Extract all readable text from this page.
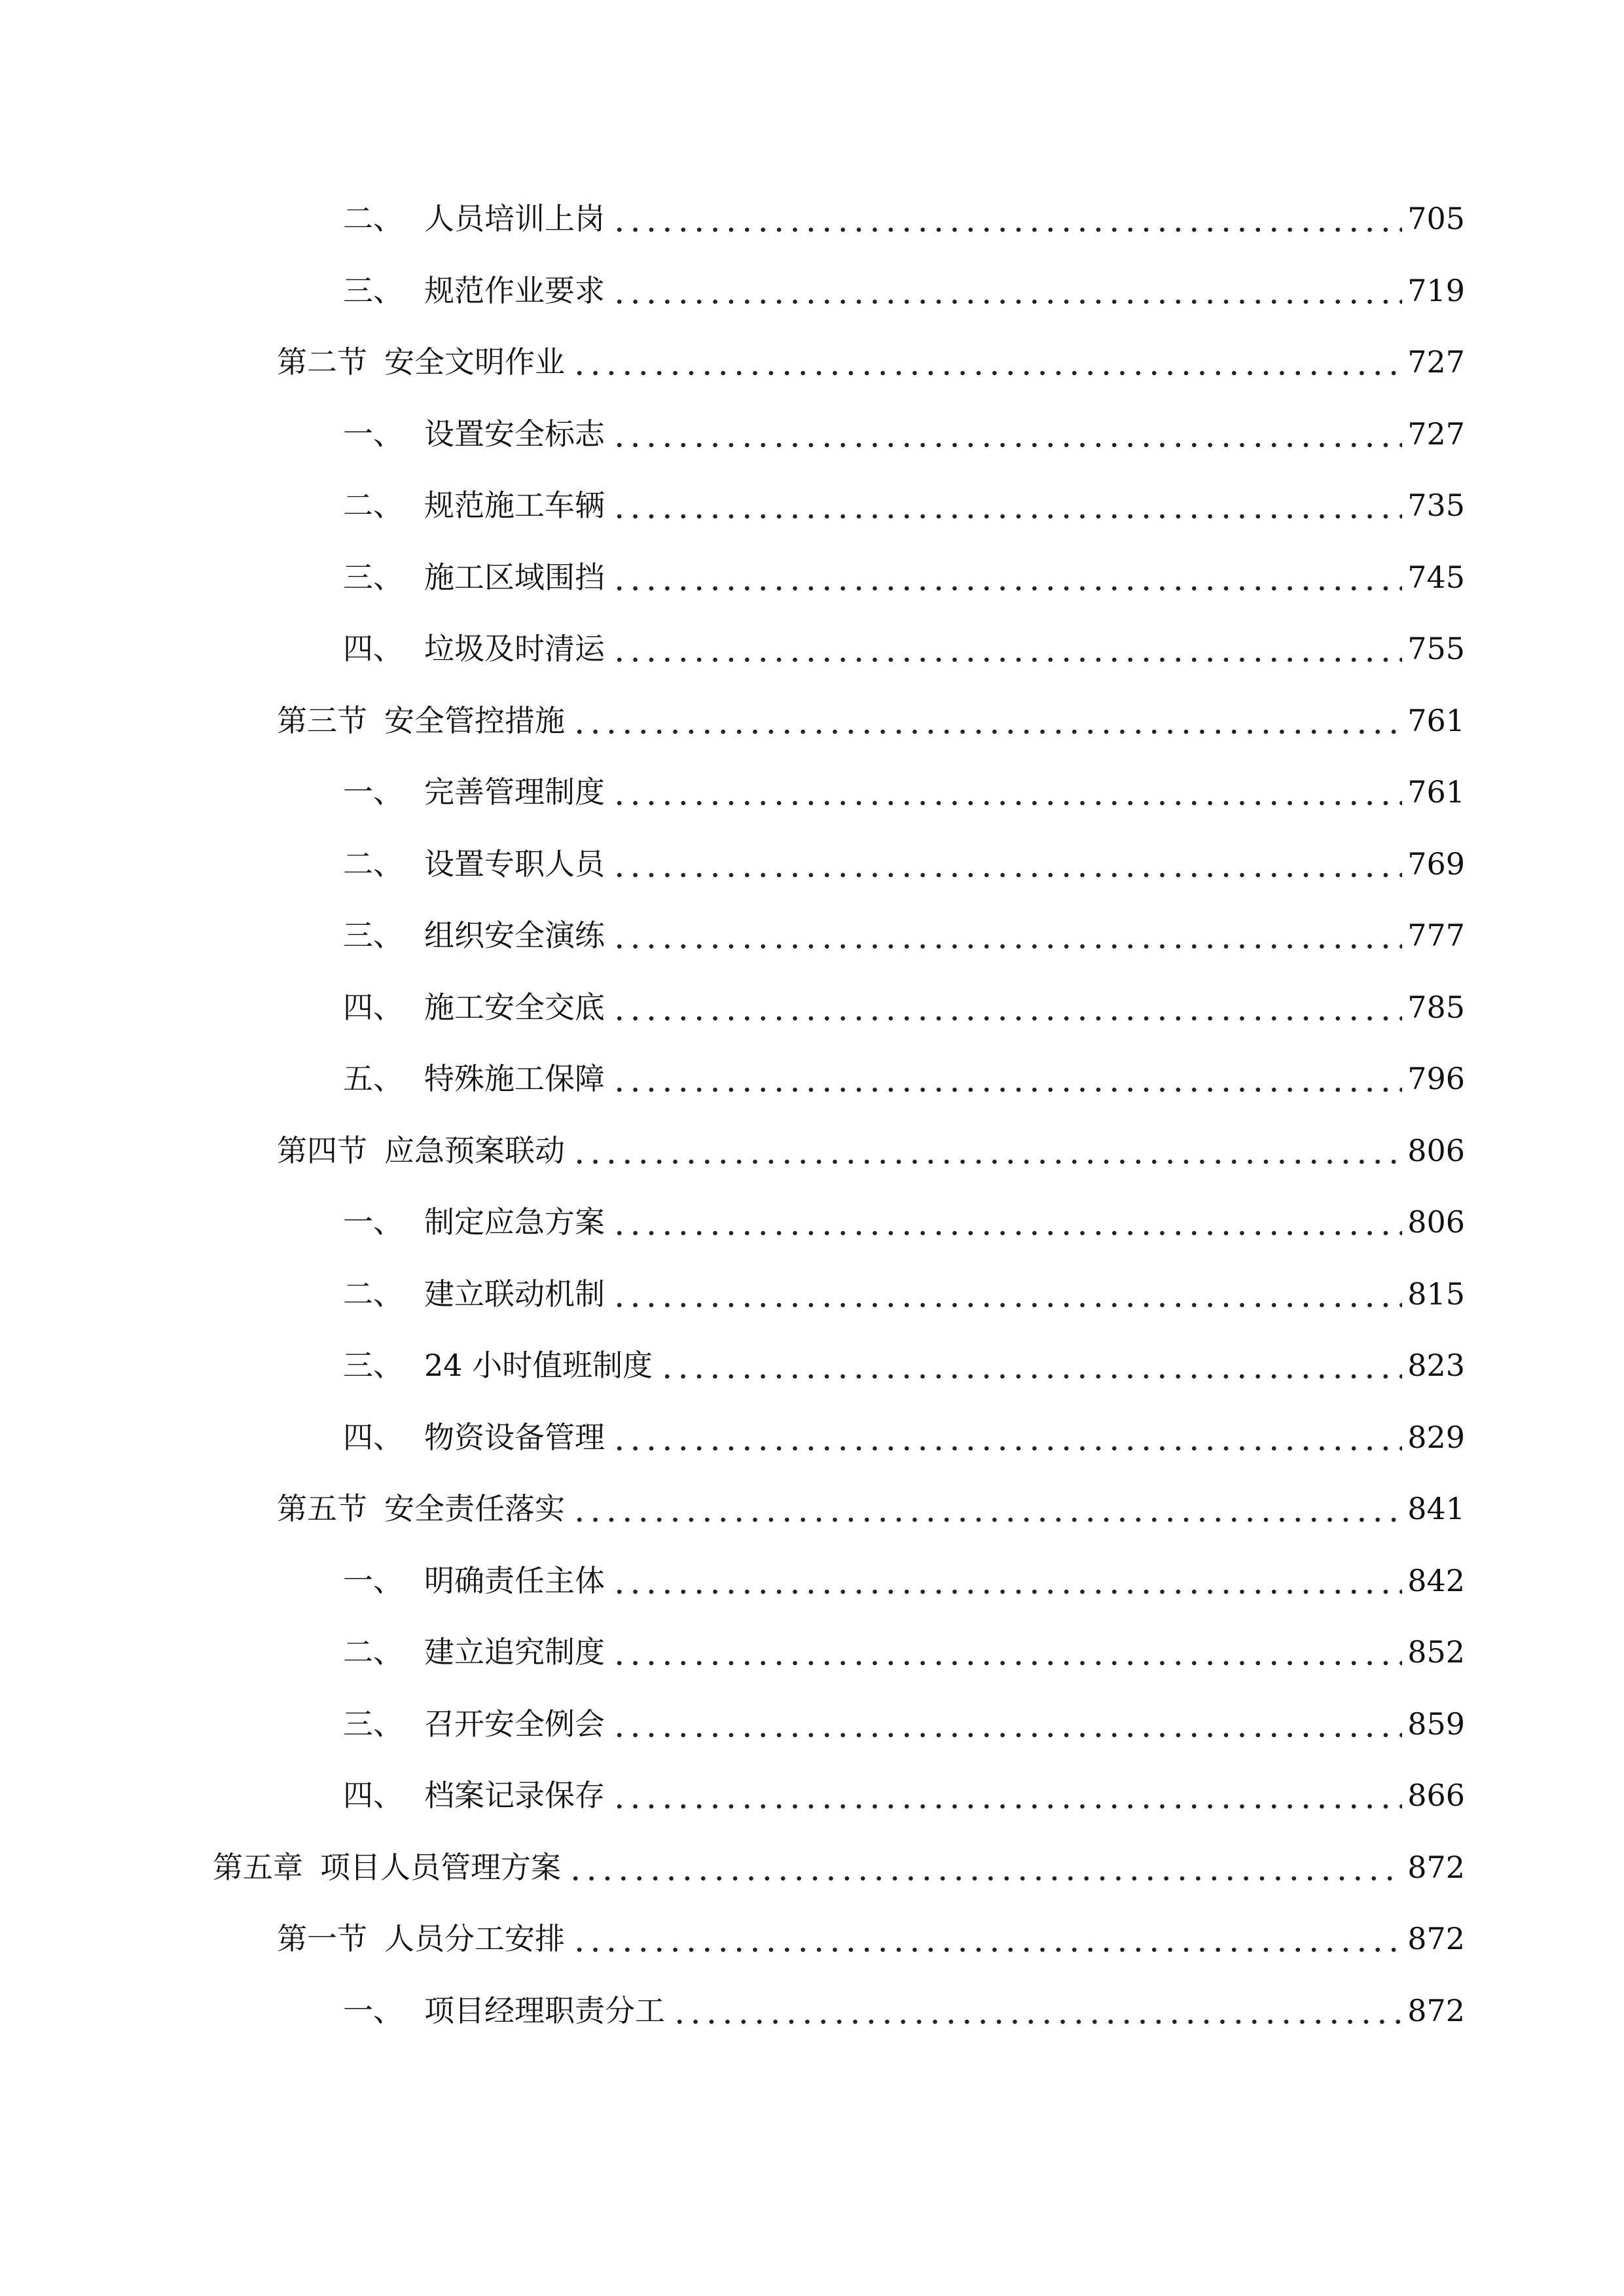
二、 人员培训上岗	705
三、 规范作业要求	719
第二节 安全文明作业	727
一、 设置安全标志	727
二、 规范施工车辆	735
三、 施工区域围挡	745
四、 垃圾及时清运	755
第三节 安全管控措施	761
一、 完善管理制度	761
二、 设置专职人员	769
三、 组织安全演练	777
四、 施工安全交底	785
五、 特殊施工保障	796
第四节 应急预案联动	806
一、 制定应急方案	806
二、 建立联动机制	815
三、 24 小时值班制度	823
四、 物资设备管理	829
第五节 安全责任落实	841
一、 明确责任主体	842
二、 建立追究制度	852
三、 召开安全例会	859
四、 档案记录保存	866
第五章 项目人员管理方案	872
第一节 人员分工安排	872
一、 项目经理职责分工	872
